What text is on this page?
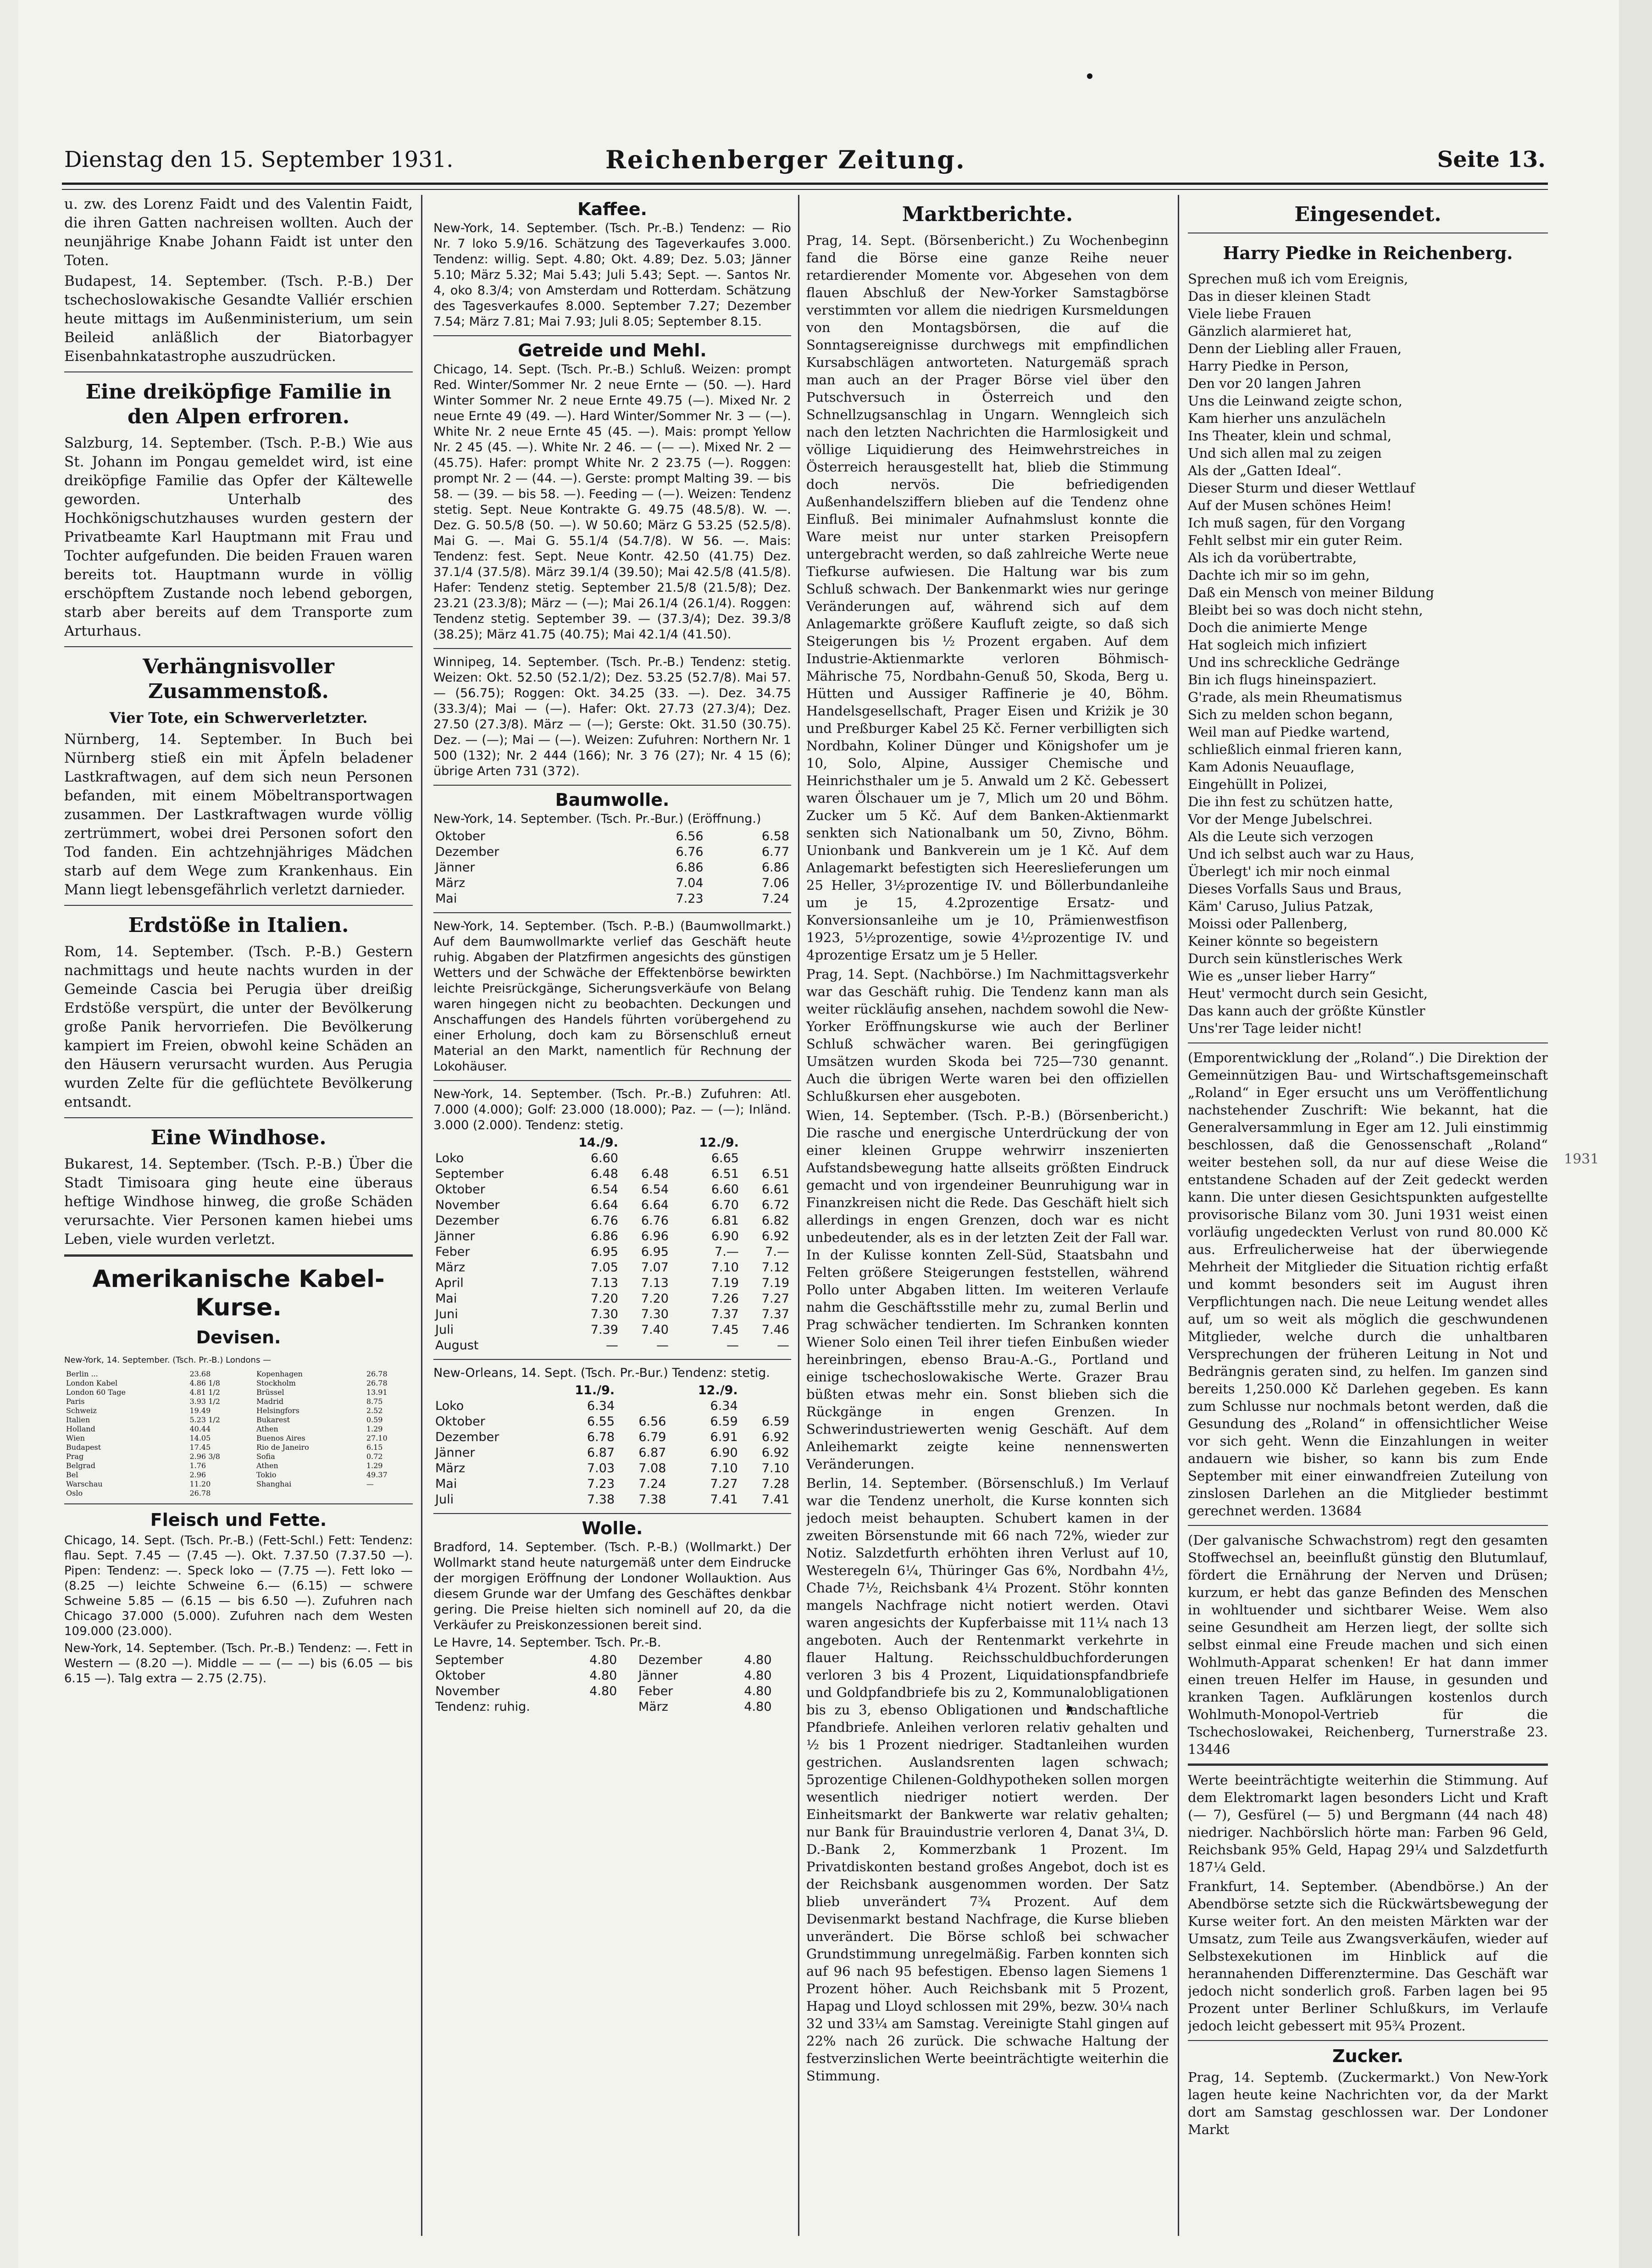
Dienstag den 15. September 1931.	Reichenberger Zeitung.	Seite 13.

u. zw. des Lorenz Faidt und des Valentin Faidt, die ihren Gatten nachreisen wollten. Auch der neunjährige Knabe Johann Faidt ist unter den Toten.

Budapest, 14. September. (Tsch. P.-B.) Der tschechoslowakische Gesandte Valliér erschien heute mittags im Außenministerium, um sein Beileid anläßlich der Biatorbagyer Eisenbahnkatastrophe auszudrücken.

Eine dreiköpfige Familie in den Alpen erfroren.

Salzburg, 14. September. (Tsch. P.-B.) Wie aus St. Johann im Pongau gemeldet wird, ist eine dreiköpfige Familie das Opfer der Kältewelle geworden. Unterhalb des Hochkönigschutzhauses wurden gestern der Privatbeamte Karl Hauptmann mit Frau und Tochter aufgefunden. Die beiden Frauen waren bereits tot. Hauptmann wurde in völlig erschöpftem Zustande noch lebend geborgen, starb aber bereits auf dem Transporte zum Arturhaus.

Verhängnisvoller Zusammenstoß.
Vier Tote, ein Schwerverletzter.

Nürnberg, 14. September. In Buch bei Nürnberg stieß ein mit Äpfeln beladener Lastkraftwagen, auf dem sich neun Personen befanden, mit einem Möbeltransportwagen zusammen. Der Lastkraftwagen wurde völlig zertrümmert, wobei drei Personen sofort den Tod fanden. Ein achtzehnjähriges Mädchen starb auf dem Wege zum Krankenhaus. Ein Mann liegt lebensgefährlich verletzt darnieder.

Erdstöße in Italien.

Rom, 14. September. (Tsch. P.-B.) Gestern nachmittags und heute nachts wurden in der Gemeinde Cascia bei Perugia über dreißig Erdstöße verspürt, die unter der Bevölkerung große Panik hervorriefen. Die Bevölkerung kampiert im Freien, obwohl keine Schäden an den Häusern verursacht wurden. Aus Perugia wurden Zelte für die geflüchtete Bevölkerung entsandt.

Eine Windhose.

Bukarest, 14. September. (Tsch. P.-B.) Über die Stadt Timisoara ging heute eine überaus heftige Windhose hinweg, die große Schäden verursachte. Vier Personen kamen hiebei ums Leben, viele wurden verletzt.

Amerikanische Kabel-Kurse.
Devisen.
New-York, 14. September. (Tsch. Pr.-B.) Londons —
Berlin ...	23.68	Kopenhagen	26.78
London Kabel	4.86 1/8	Stockholm	26.78
London 60 Tage	4.81 1/2	Brüssel	13.91
Paris	3.93 1/2	Madrid	8.75
Schweiz	19.49	Helsingfors	2.52
Italien	5.23 1/2	Bukarest	0.59
Holland	40.44	Athen	1.29
Wien	14.05	Buenos Aires	27.10
Budapest	17.45	Rio de Janeiro	6.15
Prag	2.96 3/8	Sofia	0.72
Belgrad	1.76	Athen	1.29
Bel	2.96	Tokio	49.37
Warschau	11.20	Shanghai	—
Oslo	26.78		
Fleisch und Fette.

Chicago, 14. Sept. (Tsch. Pr.-B.) (Fett-Schl.) Fett: Tendenz: flau. Sept. 7.45 — (7.45 —). Okt. 7.37.50 (7.37.50 —). Pipen: Tendenz: —. Speck loko — (7.75 —). Fett loko — (8.25 —) leichte Schweine 6.— (6.15) — schwere Schweine 5.85 — (6.15 — bis 6.50 —). Zufuhren nach Chicago 37.000 (5.000). Zufuhren nach dem Westen 109.000 (23.000).

New-York, 14. September. (Tsch. Pr.-B.) Tendenz: —. Fett in Western — (8.20 —). Middle — — (— —) bis (6.05 — bis 6.15 —). Talg extra — 2.75 (2.75).

Kaffee.

New-York, 14. September. (Tsch. Pr.-B.) Tendenz: — Rio Nr. 7 loko 5.9/16. Schätzung des Tageverkaufes 3.000. Tendenz: willig. Sept. 4.80; Okt. 4.89; Dez. 5.03; Jänner 5.10; März 5.32; Mai 5.43; Juli 5.43; Sept. —. Santos Nr. 4, oko 8.3/4; von Amsterdam und Rotterdam. Schätzung des Tagesverkaufes 8.000. September 7.27; Dezember 7.54; März 7.81; Mai 7.93; Juli 8.05; September 8.15.

Getreide und Mehl.

Chicago, 14. Sept. (Tsch. Pr.-B.) Schluß. Weizen: prompt Red. Winter/Sommer Nr. 2 neue Ernte — (50. —). Hard Winter Sommer Nr. 2 neue Ernte 49.75 (—). Mixed Nr. 2 neue Ernte 49 (49. —). Hard Winter/Sommer Nr. 3 — (—). White Nr. 2 neue Ernte 45 (45. —). Mais: prompt Yellow Nr. 2 45 (45. —). White Nr. 2 46. — (— —). Mixed Nr. 2 — (45.75). Hafer: prompt White Nr. 2 23.75 (—). Roggen: prompt Nr. 2 — (44. —). Gerste: prompt Malting 39. — bis 58. — (39. — bis 58. —). Feeding — (—). Weizen: Tendenz stetig. Sept. Neue Kontrakte G. 49.75 (48.5/8). W. —. Dez. G. 50.5/8 (50. —). W 50.60; März G 53.25 (52.5/8). Mai G. —. Mai G. 55.1/4 (54.7/8). W 56. —. Mais: Tendenz: fest. Sept. Neue Kontr. 42.50 (41.75) Dez. 37.1/4 (37.5/8). März 39.1/4 (39.50); Mai 42.5/8 (41.5/8). Hafer: Tendenz stetig. September 21.5/8 (21.5/8); Dez. 23.21 (23.3/8); März — (—); Mai 26.1/4 (26.1/4). Roggen: Tendenz stetig. September 39. — (37.3/4); Dez. 39.3/8 (38.25); März 41.75 (40.75); Mai 42.1/4 (41.50).

Winnipeg, 14. September. (Tsch. Pr.-B.) Tendenz: stetig. Weizen: Okt. 52.50 (52.1/2); Dez. 53.25 (52.7/8). Mai 57. — (56.75); Roggen: Okt. 34.25 (33. —). Dez. 34.75 (33.3/4); Mai — (—). Hafer: Okt. 27.73 (27.3/4); Dez. 27.50 (27.3/8). März — (—); Gerste: Okt. 31.50 (30.75). Dez. — (—); Mai — (—). Weizen: Zufuhren: Northern Nr. 1 500 (132); Nr. 2 444 (166); Nr. 3 76 (27); Nr. 4 15 (6); übrige Arten 731 (372).

Baumwolle.

New-York, 14. September. (Tsch. Pr.-Bur.) (Eröffnung.)

Oktober	6.56	6.58
Dezember	6.76	6.77
Jänner	6.86	6.86
März	7.04	7.06
Mai	7.23	7.24

New-York, 14. September. (Tsch. P.-B.) (Baumwollmarkt.) Auf dem Baumwollmarkte verlief das Geschäft heute ruhig. Abgaben der Platzfirmen angesichts des günstigen Wetters und der Schwäche der Effektenbörse bewirkten leichte Preisrückgänge, Sicherungsverkäufe von Belang waren hingegen nicht zu beobachten. Deckungen und Anschaffungen des Handels führten vorübergehend zu einer Erholung, doch kam zu Börsenschluß erneut Material an den Markt, namentlich für Rechnung der Lokohäuser.

New-York, 14. September. (Tsch. Pr.-B.) Zufuhren: Atl. 7.000 (4.000); Golf: 23.000 (18.000); Paz. — (—); Inländ. 3.000 (2.000). Tendenz: stetig.

	14./9.		12./9.	
Loko	6.60		6.65	
September	6.48	6.48	6.51	6.51
Oktober	6.54	6.54	6.60	6.61
November	6.64	6.64	6.70	6.72
Dezember	6.76	6.76	6.81	6.82
Jänner	6.86	6.96	6.90	6.92
Feber	6.95	6.95	7.—	7.—
März	7.05	7.07	7.10	7.12
April	7.13	7.13	7.19	7.19
Mai	7.20	7.20	7.26	7.27
Juni	7.30	7.30	7.37	7.37
Juli	7.39	7.40	7.45	7.46
August	—	—	—	—

New-Orleans, 14. Sept. (Tsch. Pr.-Bur.) Tendenz: stetig.

	11./9.		12./9.	
Loko	6.34		6.34	
Oktober	6.55	6.56	6.59	6.59
Dezember	6.78	6.79	6.91	6.92
Jänner	6.87	6.87	6.90	6.92
März	7.03	7.08	7.10	7.10
Mai	7.23	7.24	7.27	7.28
Juli	7.38	7.38	7.41	7.41
Wolle.

Bradford, 14. September. (Tsch. P.-B.) (Wollmarkt.) Der Wollmarkt stand heute naturgemäß unter dem Eindrucke der morgigen Eröffnung der Londoner Wollauktion. Aus diesem Grunde war der Umfang des Geschäftes denkbar gering. Die Preise hielten sich nominell auf 20, da die Verkäufer zu Preiskonzessionen bereit sind.

Le Havre, 14. September. Tsch. Pr.-B.

September	4.80	Dezember	4.80
Oktober	4.80	Jänner	4.80
November	4.80	Feber	4.80
Tendenz: ruhig.		März	4.80
Marktberichte.

Prag, 14. Sept. (Börsenbericht.) Zu Wochenbeginn fand die Börse eine ganze Reihe neuer retardierender Momente vor. Abgesehen von dem flauen Abschluß der New-Yorker Samstagbörse verstimmten vor allem die niedrigen Kursmeldungen von den Montagsbörsen, die auf die Sonntagsereignisse durchwegs mit empfindlichen Kursabschlägen antworteten. Naturgemäß sprach man auch an der Prager Börse viel über den Putschversuch in Österreich und den Schnellzugsanschlag in Ungarn. Wenngleich sich nach den letzten Nachrichten die Harmlosigkeit und völlige Liquidierung des Heimwehrstreiches in Österreich herausgestellt hat, blieb die Stimmung doch nervös. Die befriedigenden Außenhandelsziffern blieben auf die Tendenz ohne Einfluß. Bei minimaler Aufnahmslust konnte die Ware meist nur unter starken Preisopfern untergebracht werden, so daß zahlreiche Werte neue Tiefkurse aufwiesen. Die Haltung war bis zum Schluß schwach. Der Bankenmarkt wies nur geringe Veränderungen auf, während sich auf dem Anlagemarkte größere Kaufluft zeigte, so daß sich Steigerungen bis ½ Prozent ergaben. Auf dem Industrie-Aktienmarkte verloren Böhmisch-Mährische 75, Nordbahn-Genuß 50, Skoda, Berg u. Hütten und Aussiger Raffinerie je 40, Böhm. Handelsgesellschaft, Prager Eisen und Kriżik je 30 und Preßburger Kabel 25 Kč. Ferner verbilligten sich Nordbahn, Koliner Dünger und Königshofer um je 10, Solo, Alpine, Aussiger Chemische und Heinrichsthaler um je 5. Anwald um 2 Kč. Gebessert waren Ölschauer um je 7, Mlich um 20 und Böhm. Zucker um 5 Kč. Auf dem Banken-Aktienmarkt senkten sich Nationalbank um 50, Zivno, Böhm. Unionbank und Bankverein um je 1 Kč. Auf dem Anlagemarkt befestigten sich Heereslieferungen um 25 Heller, 3½prozentige IV. und Böllerbundanleihe um je 15, 4.2prozentige Ersatz- und Konversionsanleihe um je 10, Prämienwestfison 1923, 5½prozentige, sowie 4½prozentige IV. und 4prozentige Ersatz um je 5 Heller.

Prag, 14. Sept. (Nachbörse.) Im Nachmittagsverkehr war das Geschäft ruhig. Die Tendenz kann man als weiter rückläufig ansehen, nachdem sowohl die New-Yorker Eröffnungskurse wie auch der Berliner Schluß schwächer waren. Bei geringfügigen Umsätzen wurden Skoda bei 725—730 genannt. Auch die übrigen Werte waren bei den offiziellen Schlußkursen eher ausgeboten.

Wien, 14. September. (Tsch. P.-B.) (Börsenbericht.) Die rasche und energische Unterdrückung der von einer kleinen Gruppe wehrwirr inszenierten Aufstandsbewegung hatte allseits größten Eindruck gemacht und von irgendeiner Beunruhigung war in Finanzkreisen nicht die Rede. Das Geschäft hielt sich allerdings in engen Grenzen, doch war es nicht unbedeutender, als es in der letzten Zeit der Fall war. In der Kulisse konnten Zell-Süd, Staatsbahn und Felten größere Steigerungen feststellen, während Pollo unter Abgaben litten. Im weiteren Verlaufe nahm die Geschäftsstille mehr zu, zumal Berlin und Prag schwächer tendierten. Im Schranken konnten Wiener Solo einen Teil ihrer tiefen Einbußen wieder hereinbringen, ebenso Brau-A.-G., Portland und einige tschechoslowakische Werte. Grazer Brau büßten etwas mehr ein. Sonst blieben sich die Rückgänge in engen Grenzen. In Schwerindustriewerten wenig Geschäft. Auf dem Anleihemarkt zeigte keine nennenswerten Veränderungen.

Berlin, 14. September. (Börsenschluß.) Im Verlauf war die Tendenz unerholt, die Kurse konnten sich jedoch meist behaupten. Schubert kamen in der zweiten Börsenstunde mit 66 nach 72%, wieder zur Notiz. Salzdetfurth erhöhten ihren Verlust auf 10, Westeregeln 6¼, Thüringer Gas 6%, Nordbahn 4½, Chade 7½, Reichsbank 4¼ Prozent. Stöhr konnten mangels Nachfrage nicht notiert werden. Otavi waren angesichts der Kupferbaisse mit 11¼ nach 13 angeboten. Auch der Rentenmarkt verkehrte in flauer Haltung. Reichsschuldbuchforderungen verloren 3 bis 4 Prozent, Liquidationspfandbriefe und Goldpfandbriefe bis zu 2, Kommunalobligationen bis zu 3, ebenso Obligationen und landschaftliche Pfandbriefe. Anleihen verloren relativ gehalten und ½ bis 1 Prozent niedriger. Stadtanleihen wurden gestrichen. Auslandsrenten lagen schwach; 5prozentige Chilenen-Goldhypotheken sollen morgen wesentlich niedriger notiert werden. Der Einheitsmarkt der Bankwerte war relativ gehalten; nur Bank für Brauindustrie verloren 4, Danat 3¼, D. D.-Bank 2, Kommerzbank 1 Prozent. Im Privatdiskonten bestand großes Angebot, doch ist es der Reichsbank ausgenommen worden. Der Satz blieb unverändert 7¾ Prozent. Auf dem Devisenmarkt bestand Nachfrage, die Kurse blieben unverändert. Die Börse schloß bei schwacher Grundstimmung unregelmäßig. Farben konnten sich auf 96 nach 95 befestigen. Ebenso lagen Siemens 1 Prozent höher. Auch Reichsbank mit 5 Prozent, Hapag und Lloyd schlossen mit 29%, bezw. 30¼ nach 32 und 33¼ am Samstag. Vereinigte Stahl gingen auf 22% nach 26 zurück. Die schwache Haltung der festverzinslichen Werte beeinträchtigte weiterhin die Stimmung.

Eingesendet.
Harry Piedke in Reichenberg.
Sprechen muß ich vom Ereignis,
Das in dieser kleinen Stadt
Viele liebe Frauen
Gänzlich alarmieret hat,
Denn der Liebling aller Frauen,
Harry Piedke in Person,
Den vor 20 langen Jahren
Uns die Leinwand zeigte schon,
Kam hierher uns anzulächeln
Ins Theater, klein und schmal,
Und sich allen mal zu zeigen
Als der „Gatten Ideal“.
Dieser Sturm und dieser Wettlauf
Auf der Musen schönes Heim!
Ich muß sagen, für den Vorgang
Fehlt selbst mir ein guter Reim.
Als ich da vorübertrabte,
Dachte ich mir so im gehn,
Daß ein Mensch von meiner Bildung
Bleibt bei so was doch nicht stehn,
Doch die animierte Menge
Hat sogleich mich infiziert
Und ins schreckliche Gedränge
Bin ich flugs hineinspaziert.
G'rade, als mein Rheumatismus
Sich zu melden schon begann,
Weil man auf Piedke wartend,
schließlich einmal frieren kann,
Kam Adonis Neuauflage,
Eingehüllt in Polizei,
Die ihn fest zu schützen hatte,
Vor der Menge Jubelschrei.
Als die Leute sich verzogen
Und ich selbst auch war zu Haus,
Überlegt' ich mir noch einmal
Dieses Vorfalls Saus und Braus,
Käm' Caruso, Julius Patzak,
Moissi oder Pallenberg,
Keiner könnte so begeistern
Durch sein künstlerisches Werk
Wie es „unser lieber Harry“
Heut' vermocht durch sein Gesicht,
Das kann auch der größte Künstler
Uns'rer Tage leider nicht!

(Emporentwicklung der „Roland“.) Die Direktion der Gemeinnützigen Bau- und Wirtschaftsgemeinschaft „Roland“ in Eger ersucht uns um Veröffentlichung nachstehender Zuschrift: Wie bekannt, hat die Generalversammlung in Eger am 12. Juli einstimmig beschlossen, daß die Genossenschaft „Roland“ weiter bestehen soll, da nur auf diese Weise die entstandene Schaden auf der Zeit gedeckt werden kann. Die unter diesen Gesichtspunkten aufgestellte provisorische Bilanz vom 30. Juni 1931 weist einen vorläufig ungedeckten Verlust von rund 80.000 Kč aus. Erfreulicherweise hat der überwiegende Mehrheit der Mitglieder die Situation richtig erfaßt und kommt besonders seit im August ihren Verpflichtungen nach. Die neue Leitung wendet alles auf, um so weit als möglich die geschwundenen Mitglieder, welche durch die unhaltbaren Versprechungen der früheren Leitung in Not und Bedrängnis geraten sind, zu helfen. Im ganzen sind bereits 1,250.000 Kč Darlehen gegeben. Es kann zum Schlusse nur nochmals betont werden, daß die Gesundung des „Roland“ in offensichtlicher Weise vor sich geht. Wenn die Einzahlungen in weiter andauern wie bisher, so kann bis zum Ende September mit einer einwandfreien Zuteilung von zinslosen Darlehen an die Mitglieder bestimmt gerechnet werden. 13684

(Der galvanische Schwachstrom) regt den gesamten Stoffwechsel an, beeinflußt günstig den Blutumlauf, fördert die Ernährung der Nerven und Drüsen; kurzum, er hebt das ganze Befinden des Menschen in wohltuender und sichtbarer Weise. Wem also seine Gesundheit am Herzen liegt, der sollte sich selbst einmal eine Freude machen und sich einen Wohlmuth-Apparat schenken! Er hat dann immer einen treuen Helfer im Hause, in gesunden und kranken Tagen. Aufklärungen kostenlos durch Wohlmuth-Monopol-Vertrieb für die Tschechoslowakei, Reichenberg, Turnerstraße 23. 13446

Werte beeinträchtigte weiterhin die Stimmung. Auf dem Elektromarkt lagen besonders Licht und Kraft (— 7), Gesfürel (— 5) und Bergmann (44 nach 48) niedriger. Nachbörslich hörte man: Farben 96 Geld, Reichsbank 95% Geld, Hapag 29¼ und Salzdetfurth 187¼ Geld.

Frankfurt, 14. September. (Abendbörse.) An der Abendbörse setzte sich die Rückwärtsbewegung der Kurse weiter fort. An den meisten Märkten war der Umsatz, zum Teile aus Zwangsverkäufen, wieder auf Selbstexekutionen im Hinblick auf die herannahenden Differenztermine. Das Geschäft war jedoch nicht sonderlich groß. Farben lagen bei 95 Prozent unter Berliner Schlußkurs, im Verlaufe jedoch leicht gebessert mit 95¾ Prozent.

Zucker.

Prag, 14. Septemb. (Zuckermarkt.) Von New-York lagen heute keine Nachrichten vor, da der Markt dort am Samstag geschlossen war. Der Londoner Markt

1931
